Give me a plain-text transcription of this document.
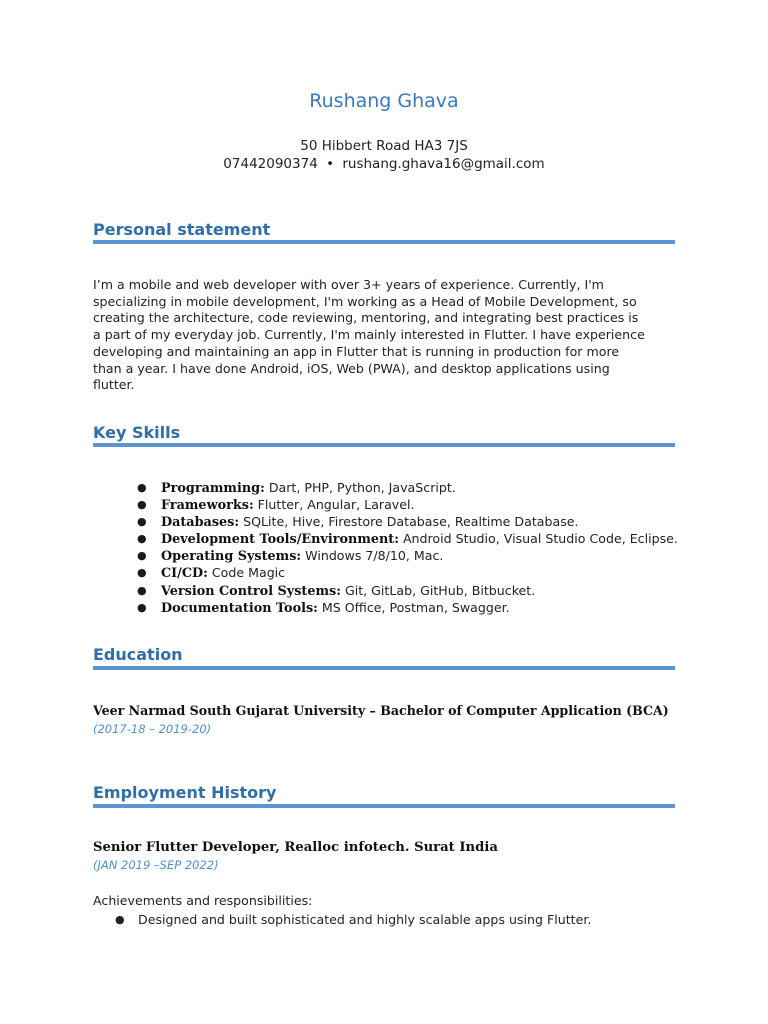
Rushang Ghava
50 Hibbert Road HA3 7JS
07442090374 • rushang.ghava16@gmail.com
Personal statement
I’m a mobile and web developer with over 3+ years of experience. Currently, I'm
specializing in mobile development, I'm working as a Head of Mobile Development, so
creating the architecture, code reviewing, mentoring, and integrating best practices is
a part of my everyday job. Currently, I'm mainly interested in Flutter. I have experience
developing and maintaining an app in Flutter that is running in production for more
than a year. I have done Android, iOS, Web (PWA), and desktop applications using
flutter.
Key Skills
● Programming: Dart, PHP, Python, JavaScript.
● Frameworks: Flutter, Angular, Laravel.
● Databases: SQLite, Hive, Firestore Database, Realtime Database.
● Development Tools/Environment: Android Studio, Visual Studio Code, Eclipse.
● Operating Systems: Windows 7/8/10, Mac.
● CI/CD: Code Magic
● Version Control Systems: Git, GitLab, GitHub, Bitbucket.
● Documentation Tools: MS Office, Postman, Swagger.
Education
Veer Narmad South Gujarat University – Bachelor of Computer Application (BCA)
(2017-18 – 2019-20)
Employment History
Senior Flutter Developer, Realloc infotech. Surat India
(JAN 2019 –SEP 2022)
Achievements and responsibilities:
● Designed and built sophisticated and highly scalable apps using Flutter.
